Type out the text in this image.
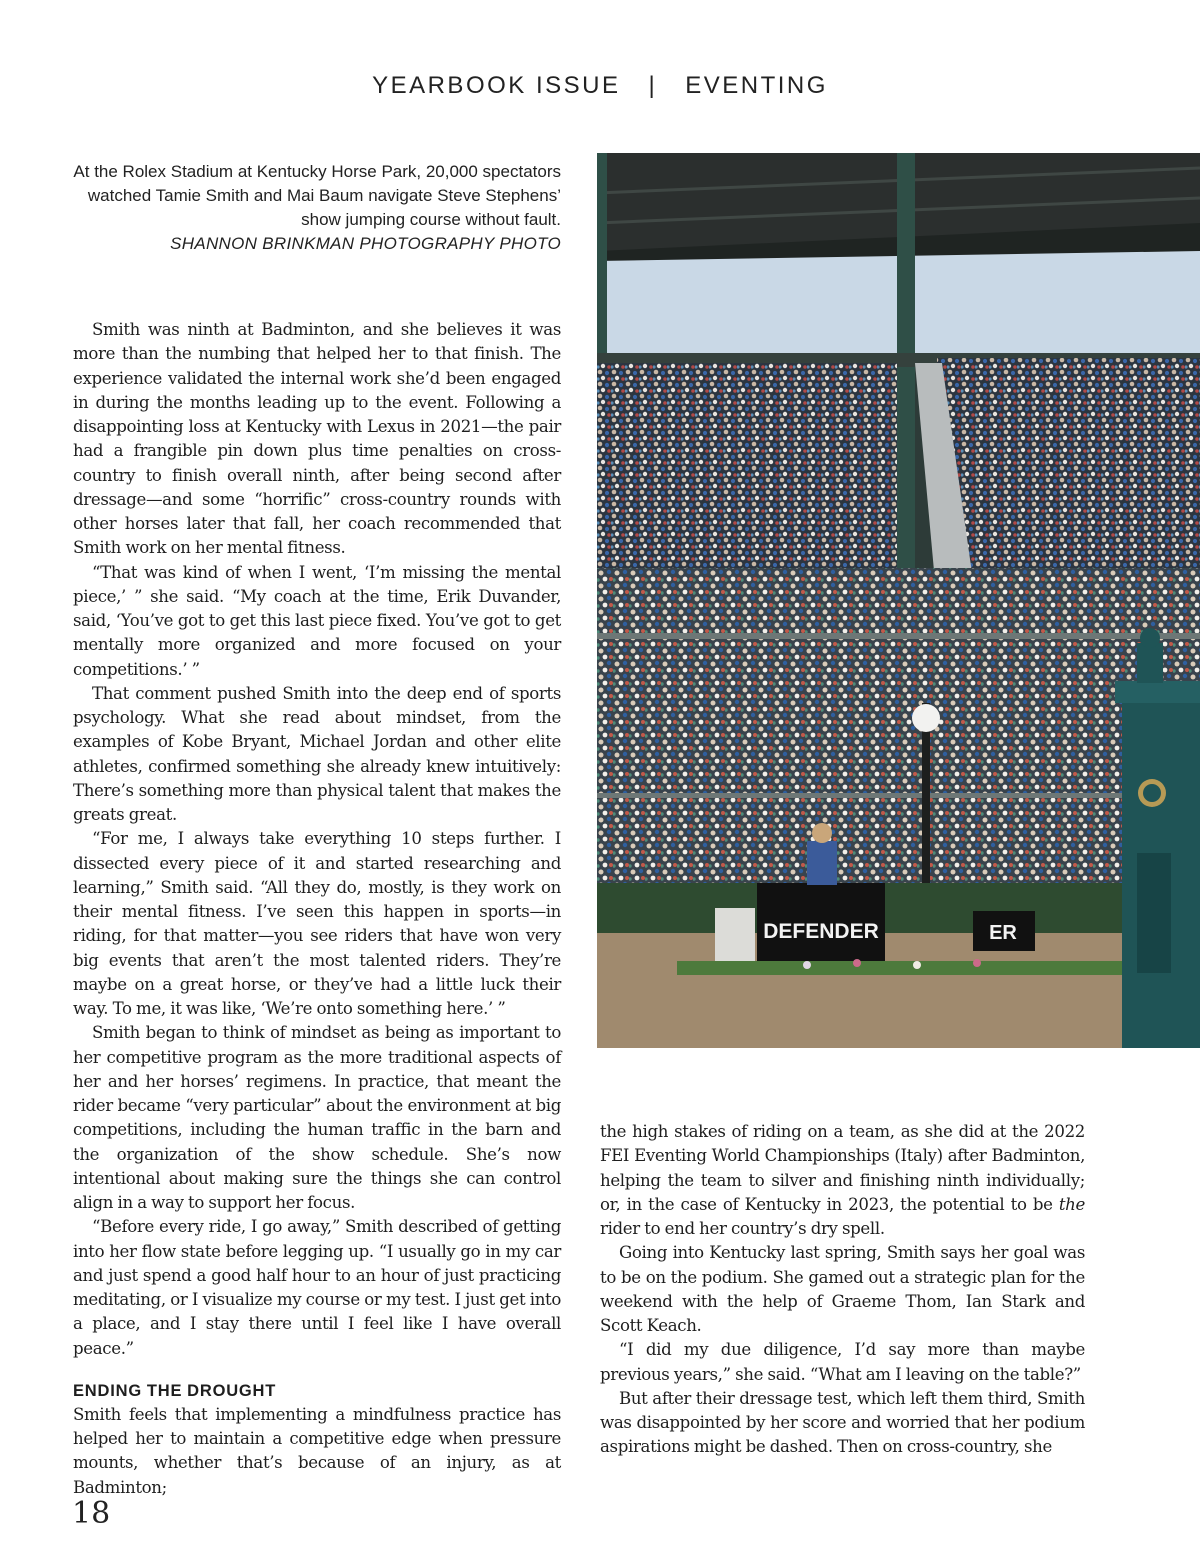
YEARBOOK ISSUE | EVENTING
At the Rolex Stadium at Kentucky Horse Park, 20,000 spectators watched Tamie Smith and Mai Baum navigate Steve Stephens’ show jumping course without fault.
SHANNON BRINKMAN PHOTOGRAPHY PHOTO
DEFENDER	ER

Smith was ninth at Badminton, and she believes it was more than the numbing that helped her to that finish. The experience validated the internal work she’d been engaged in during the months leading up to the event. Following a disappointing loss at Kentucky with Lexus in 2021—the pair had a frangible pin down plus time penalties on cross-country to finish overall ninth, after being second after dressage—and some “horrific” cross-country rounds with other horses later that fall, her coach recommended that Smith work on her mental fitness.

“That was kind of when I went, ‘I’m missing the mental piece,’ ” she said. “My coach at the time, Erik Duvander, said, ‘You’ve got to get this last piece fixed. You’ve got to get mentally more organized and more focused on your competitions.’ ”

That comment pushed Smith into the deep end of sports psychology. What she read about mindset, from the examples of Kobe Bryant, Michael Jordan and other elite athletes, confirmed something she already knew intuitively: There’s something more than physical talent that makes the greats great.

“For me, I always take everything 10 steps further. I dissected every piece of it and started researching and learning,” Smith said. “All they do, mostly, is they work on their mental fitness. I’ve seen this happen in sports—in riding, for that matter—you see riders that have won very big events that aren’t the most talented riders. They’re maybe on a great horse, or they’ve had a little luck their way. To me, it was like, ‘We’re onto something here.’ ”

Smith began to think of mindset as being as important to her competitive program as the more traditional aspects of her and her horses’ regimens. In practice, that meant the rider became “very particular” about the environment at big competitions, including the human traffic in the barn and the organization of the show schedule. She’s now intentional about making sure the things she can control align in a way to support her focus.

“Before every ride, I go away,” Smith described of getting into her flow state before legging up. “I usually go in my car and just spend a good half hour to an hour of just practicing meditating, or I visualize my course or my test. I just get into a place, and I stay there until I feel like I have overall peace.”

ENDING THE DROUGHT

Smith feels that implementing a mindfulness practice has helped her to maintain a competitive edge when pressure mounts, whether that’s because of an injury, as at Badminton;

the high stakes of riding on a team, as she did at the 2022 FEI Eventing World Championships (Italy) after Badminton, helping the team to silver and finishing ninth individually; or, in the case of Kentucky in 2023, the potential to be the rider to end her country’s dry spell.

Going into Kentucky last spring, Smith says her goal was to be on the podium. She gamed out a strategic plan for the weekend with the help of Graeme Thom, Ian Stark and Scott Keach.

“I did my due diligence, I’d say more than maybe previous years,” she said. “What am I leaving on the table?”

But after their dressage test, which left them third, Smith was disappointed by her score and worried that her podium aspirations might be dashed. Then on cross-country, she

18
